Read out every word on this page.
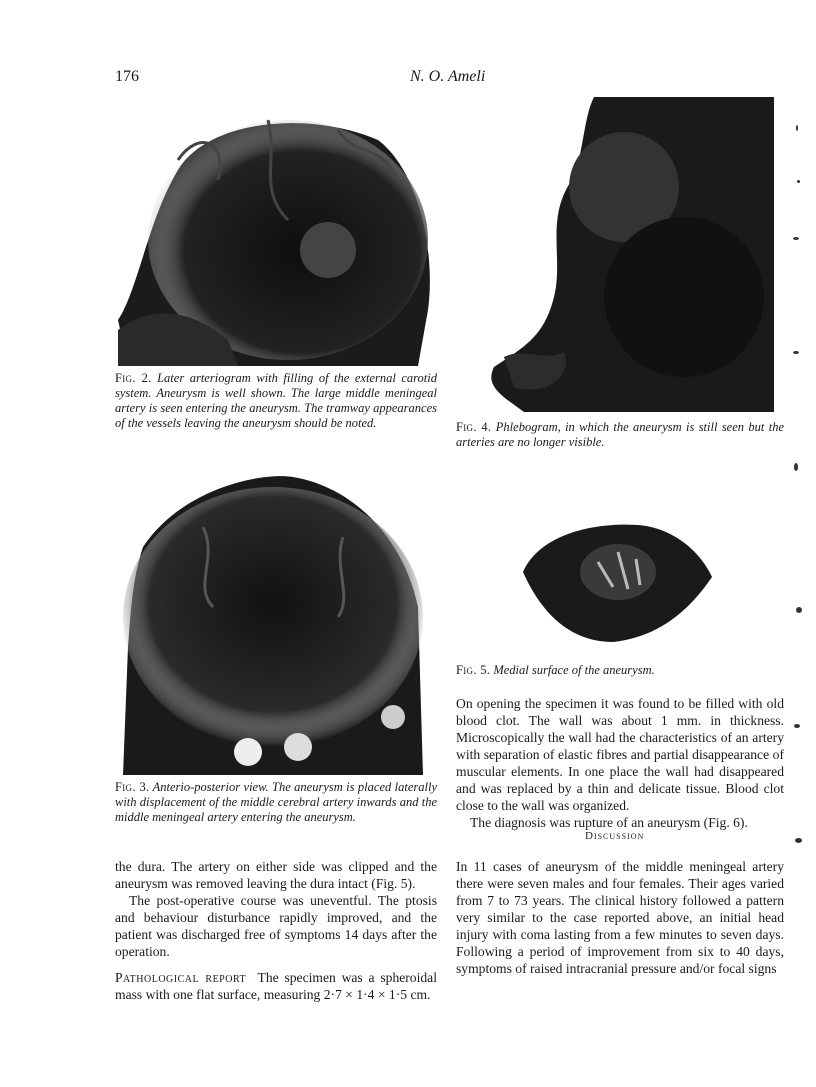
176	N. O. Ameli
Fig. 2. Later arteriogram with filling of the external carotid system. Aneurysm is well shown. The large middle meningeal artery is seen entering the aneurysm. The tramway appearances of the vessels leaving the aneurysm should be noted.	Fig. 4. Phlebogram, in which the aneurysm is still seen but the arteries are no longer visible.
Fig. 5. Medial surface of the aneurysm.

On opening the specimen it was found to be filled with old blood clot. The wall was about 1 mm. in thickness. Microscopically the wall had the characteristics of an artery with separation of elastic fibres and partial disappearance of muscular elements. In one place the wall had disappeared and was replaced by a thin and delicate tissue. Blood clot close to the wall was organized.

The diagnosis was rupture of an aneurysm (Fig. 6).

Fig. 3. Anterio-posterior view. The aneurysm is placed laterally with displacement of the middle cerebral artery inwards and the middle meningeal artery entering the aneurysm.
Discussion

the dura. The artery on either side was clipped and the aneurysm was removed leaving the dura intact (Fig. 5).

The post-operative course was uneventful. The ptosis and behaviour disturbance rapidly improved, and the patient was discharged free of symptoms 14 days after the operation.

Pathological report The specimen was a spheroidal mass with one flat surface, measuring 2·7 × 1·4 × 1·5 cm.

In 11 cases of aneurysm of the middle meningeal artery there were seven males and four females. Their ages varied from 7 to 73 years. The clinical history followed a pattern very similar to the case reported above, an initial head injury with coma lasting from a few minutes to seven days. Following a period of improvement from six to 40 days, symptoms of raised intracranial pressure and/or focal signs
